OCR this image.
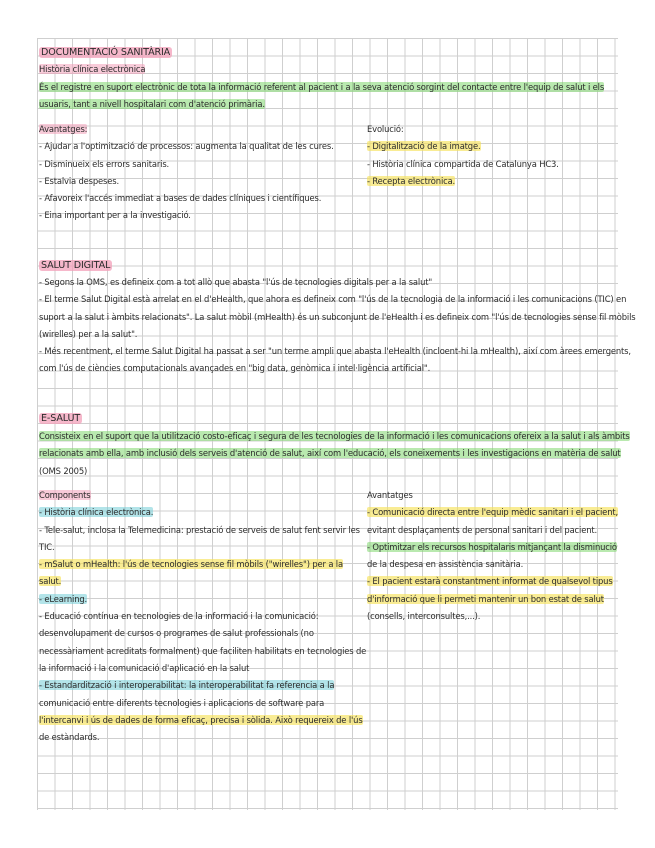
DOCUMENTACIÓ SANITÀRIA
Història clínica electrònica
És el registre en suport electrònic de tota la informació referent al pacient i a la seva atenció sorgint del contacte entre l'equip de salut i els
usuaris, tant a nivell hospitalari com d'atenció primària.
Avantatges:
- Ajudar a l'optimització de processos: augmenta la qualitat de les cures.
- Disminueix els errors sanitaris.
- Estalvia despeses.
- Afavoreix l'accés immediat a bases de dades clíniques i científiques.
- Eina important per a la investigació.
Evolució:
- Digitalització de la imatge.
- Història clínica compartida de Catalunya HC3.
- Recepta electrònica.
SALUT DIGITAL
- Segons la OMS, es defineix com a tot allò que abasta "l'ús de tecnologies digitals per a la salut"
- El terme Salut Digital està arrelat en el d'eHealth, que ahora es defineix com "l'ús de la tecnologia de la informació i les comunicacions (TIC) en
suport a la salut i àmbits relacionats". La salut mòbil (mHealth) és un subconjunt de l'eHealth i es defineix com "l'ús de tecnologies sense fil mòbils
(wirelles) per a la salut".
- Més recentment, el terme Salut Digital ha passat a ser "un terme ampli que abasta l'eHealth (incloent-hi la mHealth), així com àrees emergents,
com l'ús de ciències computacionals avançades en "big data, genòmica i intel·ligència artificial".
E-SALUT
Consisteix en el suport que la utilització costo-eficaç i segura de les tecnologies de la informació i les comunicacions ofereix a la salut i als àmbits
relacionats amb ella, amb inclusió dels serveis d'atenció de salut, així com l'educació, els coneixements i les investigacions en matèria de salut
(OMS 2005)
Components
- Història clínica electrònica.
- Tele-salut, inclosa la Telemedicina: prestació de serveis de salut fent servir les
TIC.
- mSalut o mHealth: l'ús de tecnologies sense fil mòbils ("wirelles") per a la
salut.
- eLearning.
- Educació contínua en tecnologies de la informació i la comunicació:
desenvolupament de cursos o programes de salut professionals (no
necessàriament acreditats formalment) que faciliten habilitats en tecnologies de
la informació i la comunicació d'aplicació en la salut
- Estandardització i interoperabilitat: la interoperabilitat fa referencia a la
comunicació entre diferents tecnologies i aplicacions de software para
l'intercanvi i ús de dades de forma eficaç, precisa i sòlida. Això requereix de l'ús
de estàndards.
Avantatges
- Comunicació directa entre l'equip mèdic sanitari i el pacient,
evitant desplaçaments de personal sanitari i del pacient.
- Optimitzar els recursos hospitalaris mitjançant la disminució
de la despesa en assistència sanitària.
- El pacient estarà constantment informat de qualsevol tipus
d'informació que li permeti mantenir un bon estat de salut
(consells, interconsultes,...).
